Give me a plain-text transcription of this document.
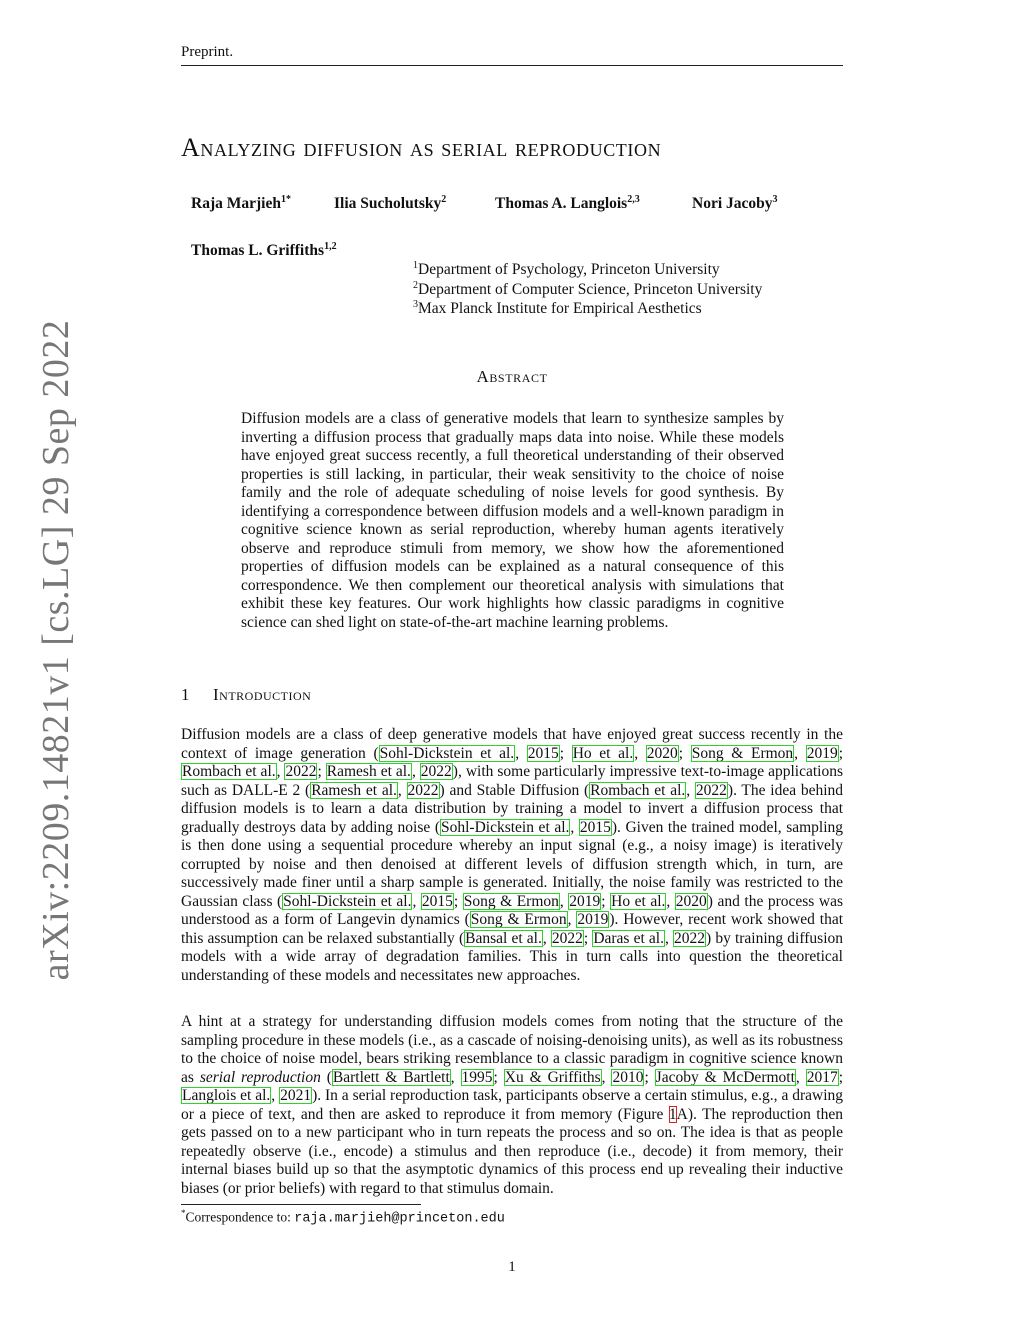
Preprint.
Analyzing diffusion as serial reproduction
Raja Marjieh$^{1*}$	Ilia Sucholutsky$^2$	Thomas A. Langlois$^{2,3}$	Nori Jacoby$^3$
Thomas L. Griffiths$^{1,2}$
$^1$Department of Psychology, Princeton University
$^2$Department of Computer Science, Princeton University
$^3$Max Planck Institute for Empirical Aesthetics
arXiv:2209.14821v1 [cs.LG] 29 Sep 2022	Abstract
Diffusion models are a class of generative models that learn to synthesize samples by inverting a diffusion process that gradually maps data into noise. While these models have enjoyed great success recently, a full theoretical understanding of their observed properties is still lacking, in particular, their weak sensitivity to the choice of noise family and the role of adequate scheduling of noise levels for good synthesis. By identifying a correspondence between diffusion models and a well-known paradigm in cognitive science known as serial reproduction, whereby human agents iteratively observe and reproduce stimuli from memory, we show how the aforementioned properties of diffusion models can be explained as a natural consequence of this correspondence. We then complement our theoretical analysis with simulations that exhibit these key features. Our work highlights how classic paradigms in cognitive science can shed light on state-of-the-art machine learning problems.
1 Introduction
Diffusion models are a class of deep generative models that have enjoyed great success recently in the context of image generation (Sohl-Dickstein et al., 2015; Ho et al., 2020; Song & Ermon, 2019; Rombach et al., 2022; Ramesh et al., 2022), with some particularly impressive text-to-image applications such as DALL-E 2 (Ramesh et al., 2022) and Stable Diffusion (Rombach et al., 2022). The idea behind diffusion models is to learn a data distribution by training a model to invert a diffusion process that gradually destroys data by adding noise (Sohl-Dickstein et al., 2015). Given the trained model, sampling is then done using a sequential procedure whereby an input signal (e.g., a noisy image) is iteratively corrupted by noise and then denoised at different levels of diffusion strength which, in turn, are successively made finer until a sharp sample is generated. Initially, the noise family was restricted to the Gaussian class (Sohl-Dickstein et al., 2015; Song & Ermon, 2019; Ho et al., 2020) and the process was understood as a form of Langevin dynamics (Song & Ermon, 2019). However, recent work showed that this assumption can be relaxed substantially (Bansal et al., 2022; Daras et al., 2022) by training diffusion models with a wide array of degradation families. This in turn calls into question the theoretical understanding of these models and necessitates new approaches.
A hint at a strategy for understanding diffusion models comes from noting that the structure of the sampling procedure in these models (i.e., as a cascade of noising-denoising units), as well as its robustness to the choice of noise model, bears striking resemblance to a classic paradigm in cognitive science known as serial reproduction (Bartlett & Bartlett, 1995; Xu & Griffiths, 2010; Jacoby & McDermott, 2017; Langlois et al., 2021). In a serial reproduction task, participants observe a certain stimulus, e.g., a drawing or a piece of text, and then are asked to reproduce it from memory (Figure 1A). The reproduction then gets passed on to a new participant who in turn repeats the process and so on. The idea is that as people repeatedly observe (i.e., encode) a stimulus and then reproduce (i.e., decode) it from memory, their internal biases build up so that the asymptotic dynamics of this process end up revealing their inductive biases (or prior beliefs) with regard to that stimulus domain.
*Correspondence to: raja.marjieh@princeton.edu
1
